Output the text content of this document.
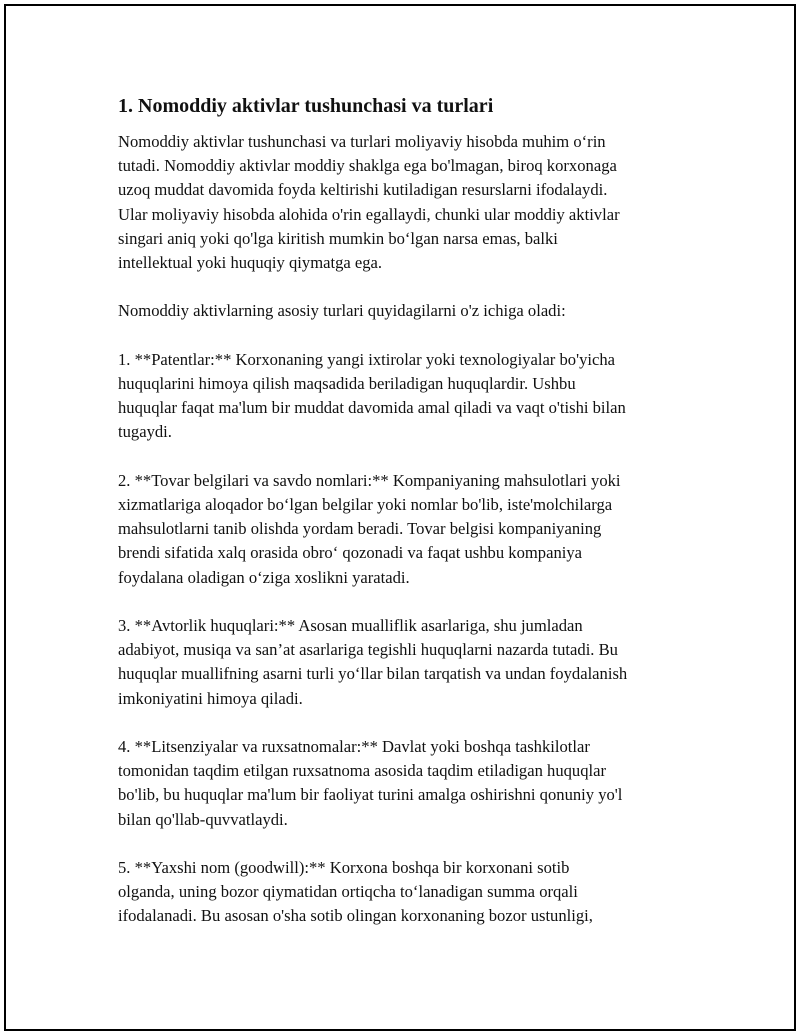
1. Nomoddiy aktivlar tushunchasi va turlari

Nomoddiy aktivlar tushunchasi va turlari moliyaviy hisobda muhim o‘rin
tutadi. Nomoddiy aktivlar moddiy shaklga ega bo'lmagan, biroq korxonaga
uzoq muddat davomida foyda keltirishi kutiladigan resurslarni ifodalaydi.
Ular moliyaviy hisobda alohida o'rin egallaydi, chunki ular moddiy aktivlar
singari aniq yoki qo'lga kiritish mumkin bo‘lgan narsa emas, balki
intellektual yoki huquqiy qiymatga ega.

Nomoddiy aktivlarning asosiy turlari quyidagilarni o'z ichiga oladi:

1. **Patentlar:** Korxonaning yangi ixtirolar yoki texnologiyalar bo'yicha
huquqlarini himoya qilish maqsadida beriladigan huquqlardir. Ushbu
huquqlar faqat ma'lum bir muddat davomida amal qiladi va vaqt o'tishi bilan
tugaydi.

2. **Tovar belgilari va savdo nomlari:** Kompaniyaning mahsulotlari yoki
xizmatlariga aloqador bo‘lgan belgilar yoki nomlar bo'lib, iste'molchilarga
mahsulotlarni tanib olishda yordam beradi. Tovar belgisi kompaniyaning
brendi sifatida xalq orasida obro‘ qozonadi va faqat ushbu kompaniya
foydalana oladigan o‘ziga xoslikni yaratadi.

3. **Avtorlik huquqlari:** Asosan mualliflik asarlariga, shu jumladan
adabiyot, musiqa va san’at asarlariga tegishli huquqlarni nazarda tutadi. Bu
huquqlar muallifning asarni turli yo‘llar bilan tarqatish va undan foydalanish
imkoniyatini himoya qiladi.

4. **Litsenziyalar va ruxsatnomalar:** Davlat yoki boshqa tashkilotlar
tomonidan taqdim etilgan ruxsatnoma asosida taqdim etiladigan huquqlar
bo'lib, bu huquqlar ma'lum bir faoliyat turini amalga oshirishni qonuniy yo'l
bilan qo'llab-quvvatlaydi.

5. **Yaxshi nom (goodwill):** Korxona boshqa bir korxonani sotib
olganda, uning bozor qiymatidan ortiqcha to‘lanadigan summa orqali
ifodalanadi. Bu asosan o'sha sotib olingan korxonaning bozor ustunligi,
